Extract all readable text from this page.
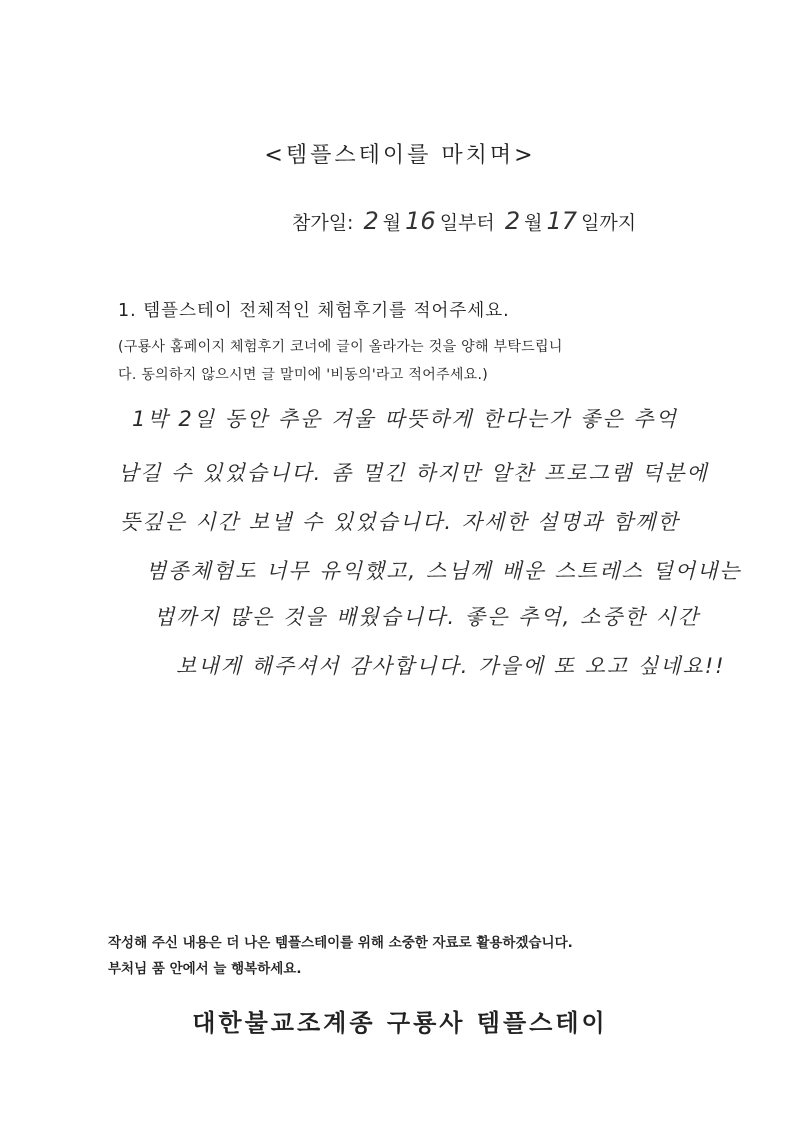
<템플스테이를 마치며>
참가일: 2 월 16 일부터 2 월 17 일까지
1. 템플스테이 전체적인 체험후기를 적어주세요.
(구룡사 홈페이지 체험후기 코너에 글이 올라가는 것을 양해 부탁드립니
다. 동의하지 않으시면 글 말미에 '비동의'라고 적어주세요.)
1박 2일 동안 추운 겨울 따뜻하게 한다는가 좋은 추억
남길 수 있었습니다. 좀 멀긴 하지만 알찬 프로그램 덕분에
뜻깊은 시간 보낼 수 있었습니다. 자세한 설명과 함께한
범종체험도 너무 유익했고, 스님께 배운 스트레스 덜어내는
법까지 많은 것을 배웠습니다. 좋은 추억, 소중한 시간
보내게 해주셔서 감사합니다. 가을에 또 오고 싶네요!!
작성해 주신 내용은 더 나은 템플스테이를 위해 소중한 자료로 활용하겠습니다.
부처님 품 안에서 늘 행복하세요.
대한불교조계종 구룡사 템플스테이
